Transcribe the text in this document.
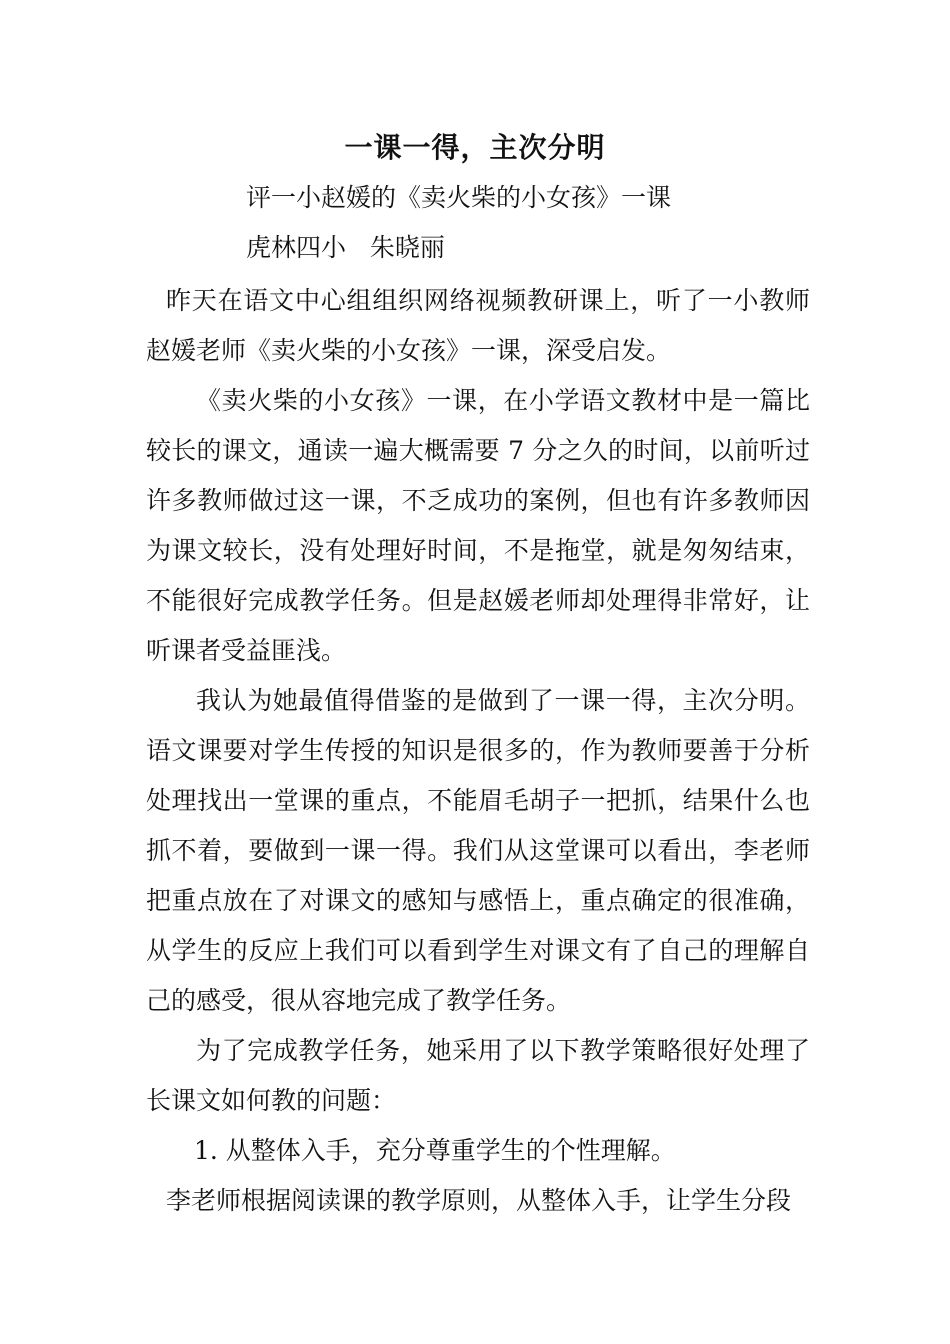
一课一得，主次分明
评一小赵媛的《卖火柴的小女孩》一课
虎林四小   朱晓丽

昨天在语文中心组组织网络视频教研课上，听了一小教师赵媛老师《卖火柴的小女孩》一课，深受启发。

《卖火柴的小女孩》一课，在小学语文教材中是一篇比较长的课文，通读一遍大概需要 7 分之久的时间，以前听过许多教师做过这一课，不乏成功的案例，但也有许多教师因为课文较长，没有处理好时间，不是拖堂，就是匆匆结束，不能很好完成教学任务。但是赵媛老师却处理得非常好，让听课者受益匪浅。

我认为她最值得借鉴的是做到了一课一得，主次分明。语文课要对学生传授的知识是很多的，作为教师要善于分析处理找出一堂课的重点，不能眉毛胡子一把抓，结果什么也抓不着，要做到一课一得。我们从这堂课可以看出，李老师把重点放在了对课文的感知与感悟上，重点确定的很准确，从学生的反应上我们可以看到学生对课文有了自己的理解自己的感受，很从容地完成了教学任务。

为了完成教学任务，她采用了以下教学策略很好处理了长课文如何教的问题：

1. 从整体入手，充分尊重学生的个性理解。

李老师根据阅读课的教学原则，从整体入手，让学生分段
